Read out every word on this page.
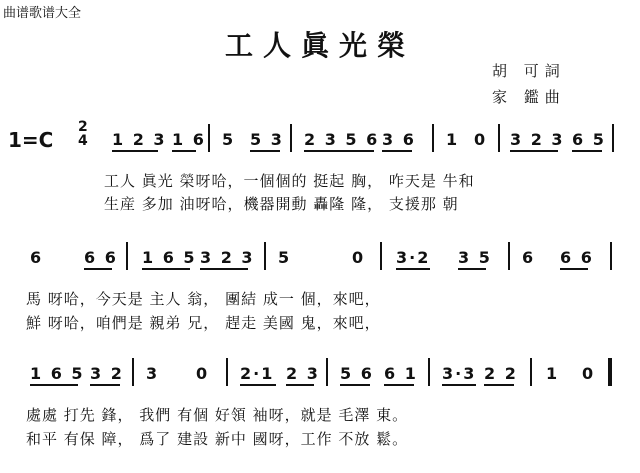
曲谱歌谱大全
工人眞光榮
胡 可詞
家 鑑曲
1=C
2
4 1 2 3 1 6 5 5 3 2 3 5 6 3 6 1 0 3 2 3 6 5
工人 眞光 榮呀哈，一個個的 挺起 胸， 咋天是 牛和
生産 多加 油呀哈，機器開動 轟隆 隆， 支援那 朝
6	6 6 1 6 5 3 2 3 5	0 3·2 3 5 6 6 6
馬 呀哈，今天是 主人 翁， 團結 成一 個，來吧，
鮮 呀哈，咱們是 親弟 兄， 趕走 美國 鬼，來吧，
1 6 5 3 2 3 0 2·1 2 3 5 6 6 1 3·3 2 2 1 0
處處 打先 鋒， 我們 有個 好領 袖呀，就是 毛澤 東。
和平 有保 障， 爲了 建設 新中 國呀，工作 不放 鬆。
